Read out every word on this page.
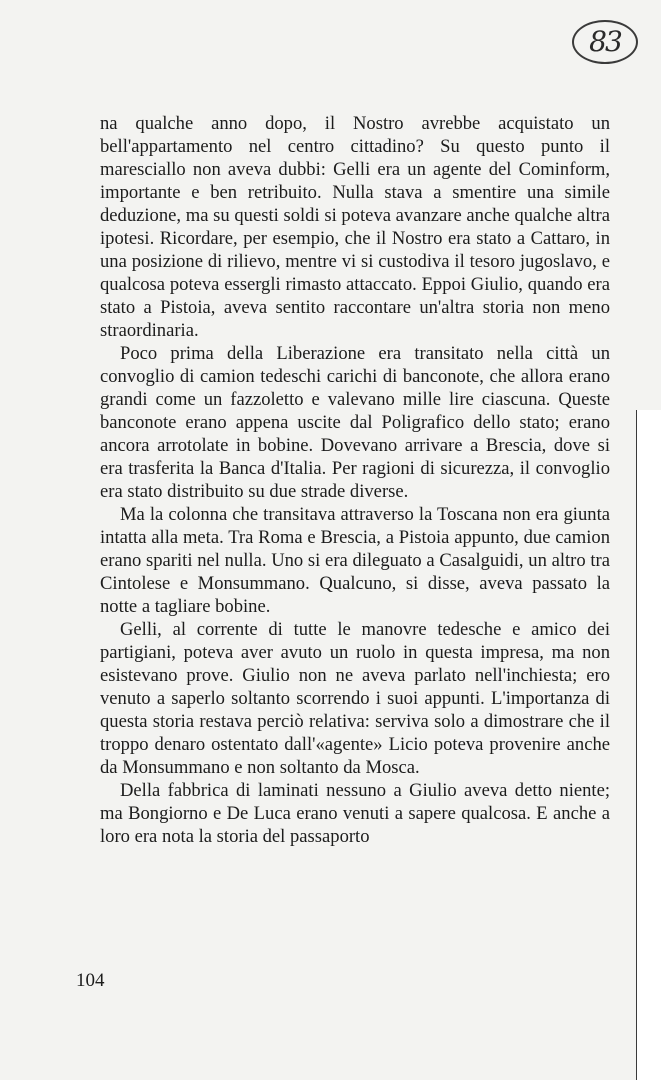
83

na qualche anno dopo, il Nostro avrebbe acquistato un bell'appartamento nel centro cittadino? Su questo punto il maresciallo non aveva dubbi: Gelli era un agente del Cominform, importante e ben retribuito. Nulla stava a smentire una simile deduzione, ma su questi soldi si poteva avanzare anche qualche altra ipotesi. Ricordare, per esempio, che il Nostro era stato a Cattaro, in una posizione di rilievo, mentre vi si custodiva il tesoro jugoslavo, e qualcosa poteva essergli rimasto attaccato. Eppoi Giulio, quando era stato a Pistoia, aveva sentito raccontare un'altra storia non meno straordinaria.

Poco prima della Liberazione era transitato nella città un convoglio di camion tedeschi carichi di banconote, che allora erano grandi come un fazzoletto e valevano mille lire ciascuna. Queste banconote erano appena uscite dal Poligrafico dello stato; erano ancora arrotolate in bobine. Dovevano arrivare a Brescia, dove si era trasferita la Banca d'Italia. Per ragioni di sicurezza, il convoglio era stato distribuito su due strade diverse.

Ma la colonna che transitava attraverso la Toscana non era giunta intatta alla meta. Tra Roma e Brescia, a Pistoia appunto, due camion erano spariti nel nulla. Uno si era dileguato a Casalguidi, un altro tra Cintolese e Monsummano. Qualcuno, si disse, aveva passato la notte a tagliare bobine.

Gelli, al corrente di tutte le manovre tedesche e amico dei partigiani, poteva aver avuto un ruolo in questa impresa, ma non esistevano prove. Giulio non ne aveva parlato nell'inchiesta; ero venuto a saperlo soltanto scorrendo i suoi appunti. L'importanza di questa storia restava perciò relativa: serviva solo a dimostrare che il troppo denaro ostentato dall'«agente» Licio poteva provenire anche da Monsummano e non soltanto da Mosca.

Della fabbrica di laminati nessuno a Giulio aveva detto niente; ma Bongiorno e De Luca erano venuti a sapere qualcosa. E anche a loro era nota la storia del passaporto

104
